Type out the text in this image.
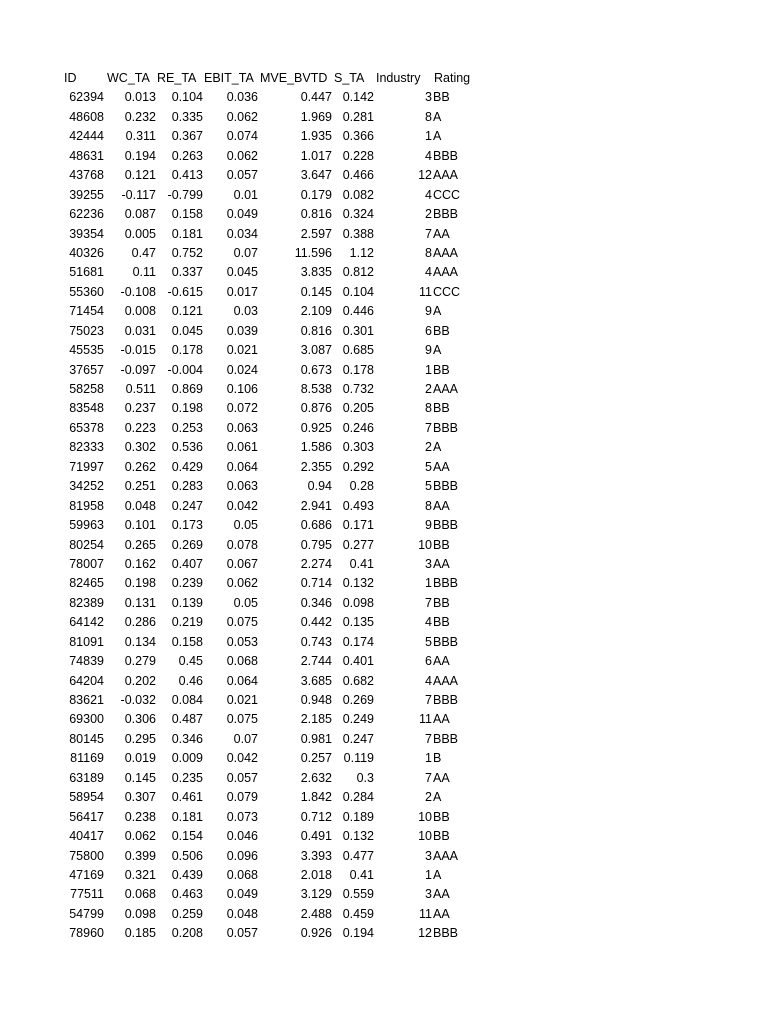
ID WC_TA RE_TA EBIT_TA MVE_BVTD S_TA Industry Rating
62394	0.013	0.104	0.036	0.447 0.142	3 BB
48608	0.232	0.335	0.062	1.969 0.281	8 A
42444	0.311	0.367	0.074	1.935 0.366	1 A
48631	0.194	0.263	0.062	1.017 0.228	4 BBB
43768	0.121	0.413	0.057	3.647 0.466	12 AAA
39255	-0.117 -0.799	0.01	0.179 0.082	4 CCC
62236	0.087	0.158	0.049	0.816 0.324	2 BBB
39354	0.005	0.181	0.034	2.597 0.388	7 AA
40326	0.47	0.752	0.07	11.596	1.12	8 AAA
51681	0.11	0.337	0.045	3.835 0.812	4 AAA
55360	-0.108 -0.615	0.017	0.145 0.104	11 CCC
71454	0.008	0.121	0.03	2.109 0.446	9 A
75023	0.031	0.045	0.039	0.816 0.301	6 BB
45535	-0.015	0.178	0.021	3.087 0.685	9 A
37657	-0.097 -0.004	0.024	0.673 0.178	1 BB
58258	0.511	0.869	0.106	8.538 0.732	2 AAA
83548	0.237	0.198	0.072	0.876 0.205	8 BB
65378	0.223	0.253	0.063	0.925 0.246	7 BBB
82333	0.302	0.536	0.061	1.586 0.303	2 A
71997	0.262	0.429	0.064	2.355 0.292	5 AA
34252	0.251	0.283	0.063	0.94	0.28	5 BBB
81958	0.048	0.247	0.042	2.941 0.493	8 AA
59963	0.101	0.173	0.05	0.686 0.171	9 BBB
80254	0.265	0.269	0.078	0.795 0.277	10 BB
78007	0.162	0.407	0.067	2.274	0.41	3 AA
82465	0.198	0.239	0.062	0.714 0.132	1 BBB
82389	0.131	0.139	0.05	0.346 0.098	7 BB
64142	0.286	0.219	0.075	0.442 0.135	4 BB
81091	0.134	0.158	0.053	0.743 0.174	5 BBB
74839	0.279	0.45	0.068	2.744 0.401	6 AA
64204	0.202	0.46	0.064	3.685 0.682	4 AAA
83621	-0.032	0.084	0.021	0.948 0.269	7 BBB
69300	0.306	0.487	0.075	2.185 0.249	11 AA
80145	0.295	0.346	0.07	0.981 0.247	7 BBB
81169	0.019	0.009	0.042	0.257 0.119	1 B
63189	0.145	0.235	0.057	2.632	0.3	7 AA
58954	0.307	0.461	0.079	1.842 0.284	2 A
56417	0.238	0.181	0.073	0.712 0.189	10 BB
40417	0.062	0.154	0.046	0.491 0.132	10 BB
75800	0.399	0.506	0.096	3.393 0.477	3 AAA
47169	0.321	0.439	0.068	2.018	0.41	1 A
77511	0.068	0.463	0.049	3.129 0.559	3 AA
54799	0.098	0.259	0.048	2.488 0.459	11 AA
78960	0.185	0.208	0.057	0.926 0.194	12 BBB
